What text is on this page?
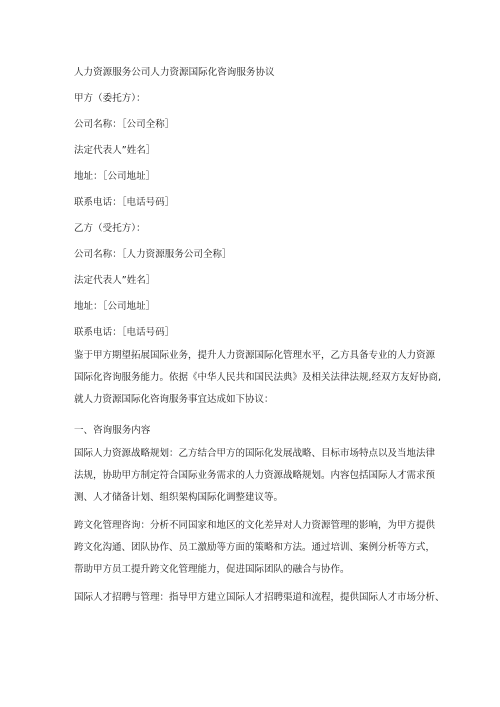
人力资源服务公司人力资源国际化咨询服务协议
甲方（委托方）：
公司名称：［公司全称］
法定代表人”姓名］
地址：［公司地址］
联系电话：［电话号码］
乙方（受托方）：
公司名称：［人力资源服务公司全称］
法定代表人”姓名］
地址：［公司地址］
联系电话：［电话号码］
鉴于甲方期望拓展国际业务，提升人力资源国际化管理水平，乙方具备专业的人力资源
国际化咨询服务能力。依据《中华人民共和国民法典》及相关法律法规,经双方友好协商,
就人力资源国际化咨询服务事宜达成如下协议：
一、咨询服务内容
国际人力资源战略规划：乙方结合甲方的国际化发展战略、目标市场特点以及当地法律
法规，协助甲方制定符合国际业务需求的人力资源战略规划。内容包括国际人才需求预
测、人才储备计划、组织架构国际化调整建议等。
跨文化管理咨询：分析不同国家和地区的文化差异对人力资源管理的影响，为甲方提供
跨文化沟通、团队协作、员工激励等方面的策略和方法。通过培训、案例分析等方式，
帮助甲方员工提升跨文化管理能力，促进国际团队的融合与协作。
国际人才招聘与管理：指导甲方建立国际人才招聘渠道和流程，提供国际人才市场分析、
